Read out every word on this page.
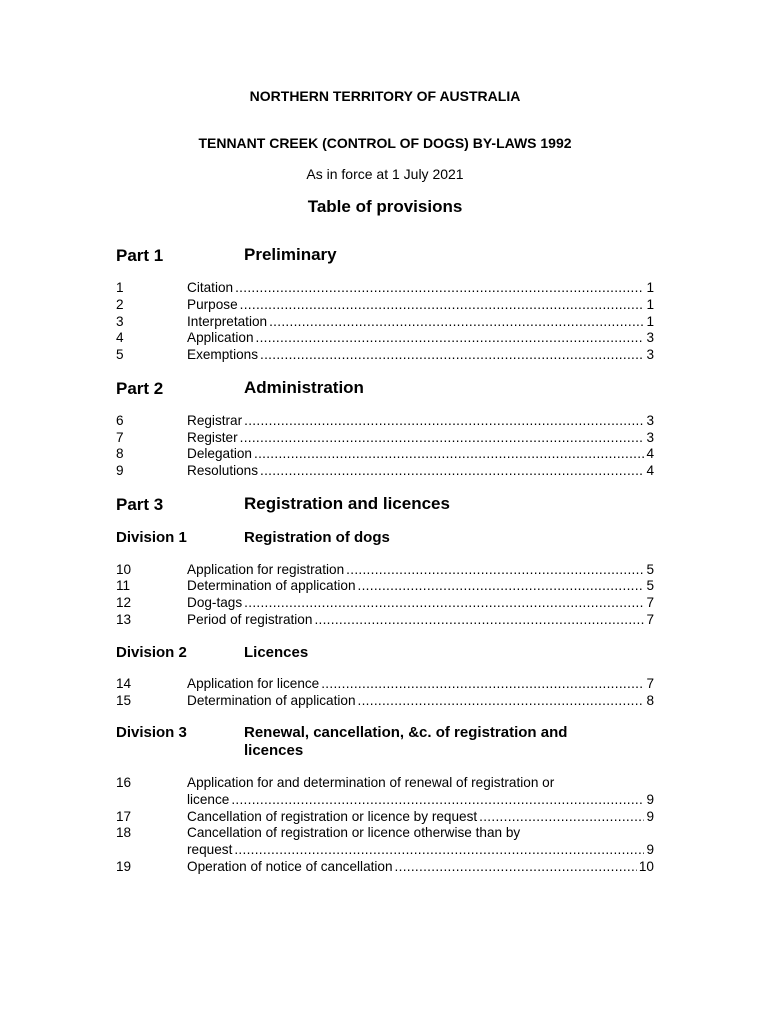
NORTHERN TERRITORY OF AUSTRALIA
TENNANT CREEK (CONTROL OF DOGS) BY-LAWS 1992
As in force at 1 July 2021
Table of provisions
Part 1	Preliminary
1	Citation .....	1
2	Purpose .....	1
3	Interpretation .....	1
4	Application .....	3
5	Exemptions .....	3
Part 2	Administration
6	Registrar .....	3
7	Register .....	3
8	Delegation .....	4
9	Resolutions .....	4
Part 3	Registration and licences
Division 1	Registration of dogs
10	Application for registration .....	5
11	Determination of application .....	5
12	Dog-tags .....	7
13	Period of registration .....	7
Division 2	Licences
14	Application for licence .....	7
15	Determination of application .....	8
Division 3	Renewal, cancellation, &c. of registration and licences
16	Application for and determination of renewal of registration or
licence .....	9
17	Cancellation of registration or licence by request .....	9
18	Cancellation of registration or licence otherwise than by
request .....	9
19	Operation of notice of cancellation .....	10
